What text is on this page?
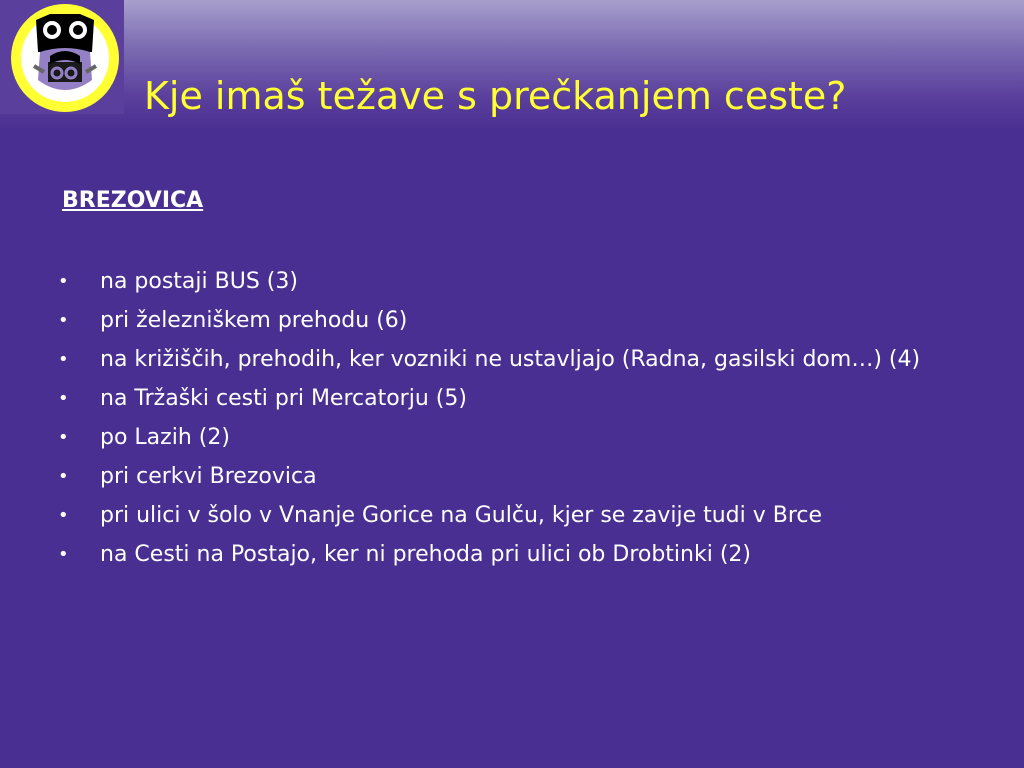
Kje imaš težave s prečkanjem ceste?
BREZOVICA
• na postaji BUS (3)
• pri železniškem prehodu (6)
• na križiščih, prehodih, ker vozniki ne ustavljajo (Radna, gasilski dom…) (4)
• na Tržaški cesti pri Mercatorju (5)
• po Lazih (2)
• pri cerkvi Brezovica
• pri ulici v šolo v Vnanje Gorice na Gulču, kjer se zavije tudi v Brce
• na Cesti na Postajo, ker ni prehoda pri ulici ob Drobtinki (2)
